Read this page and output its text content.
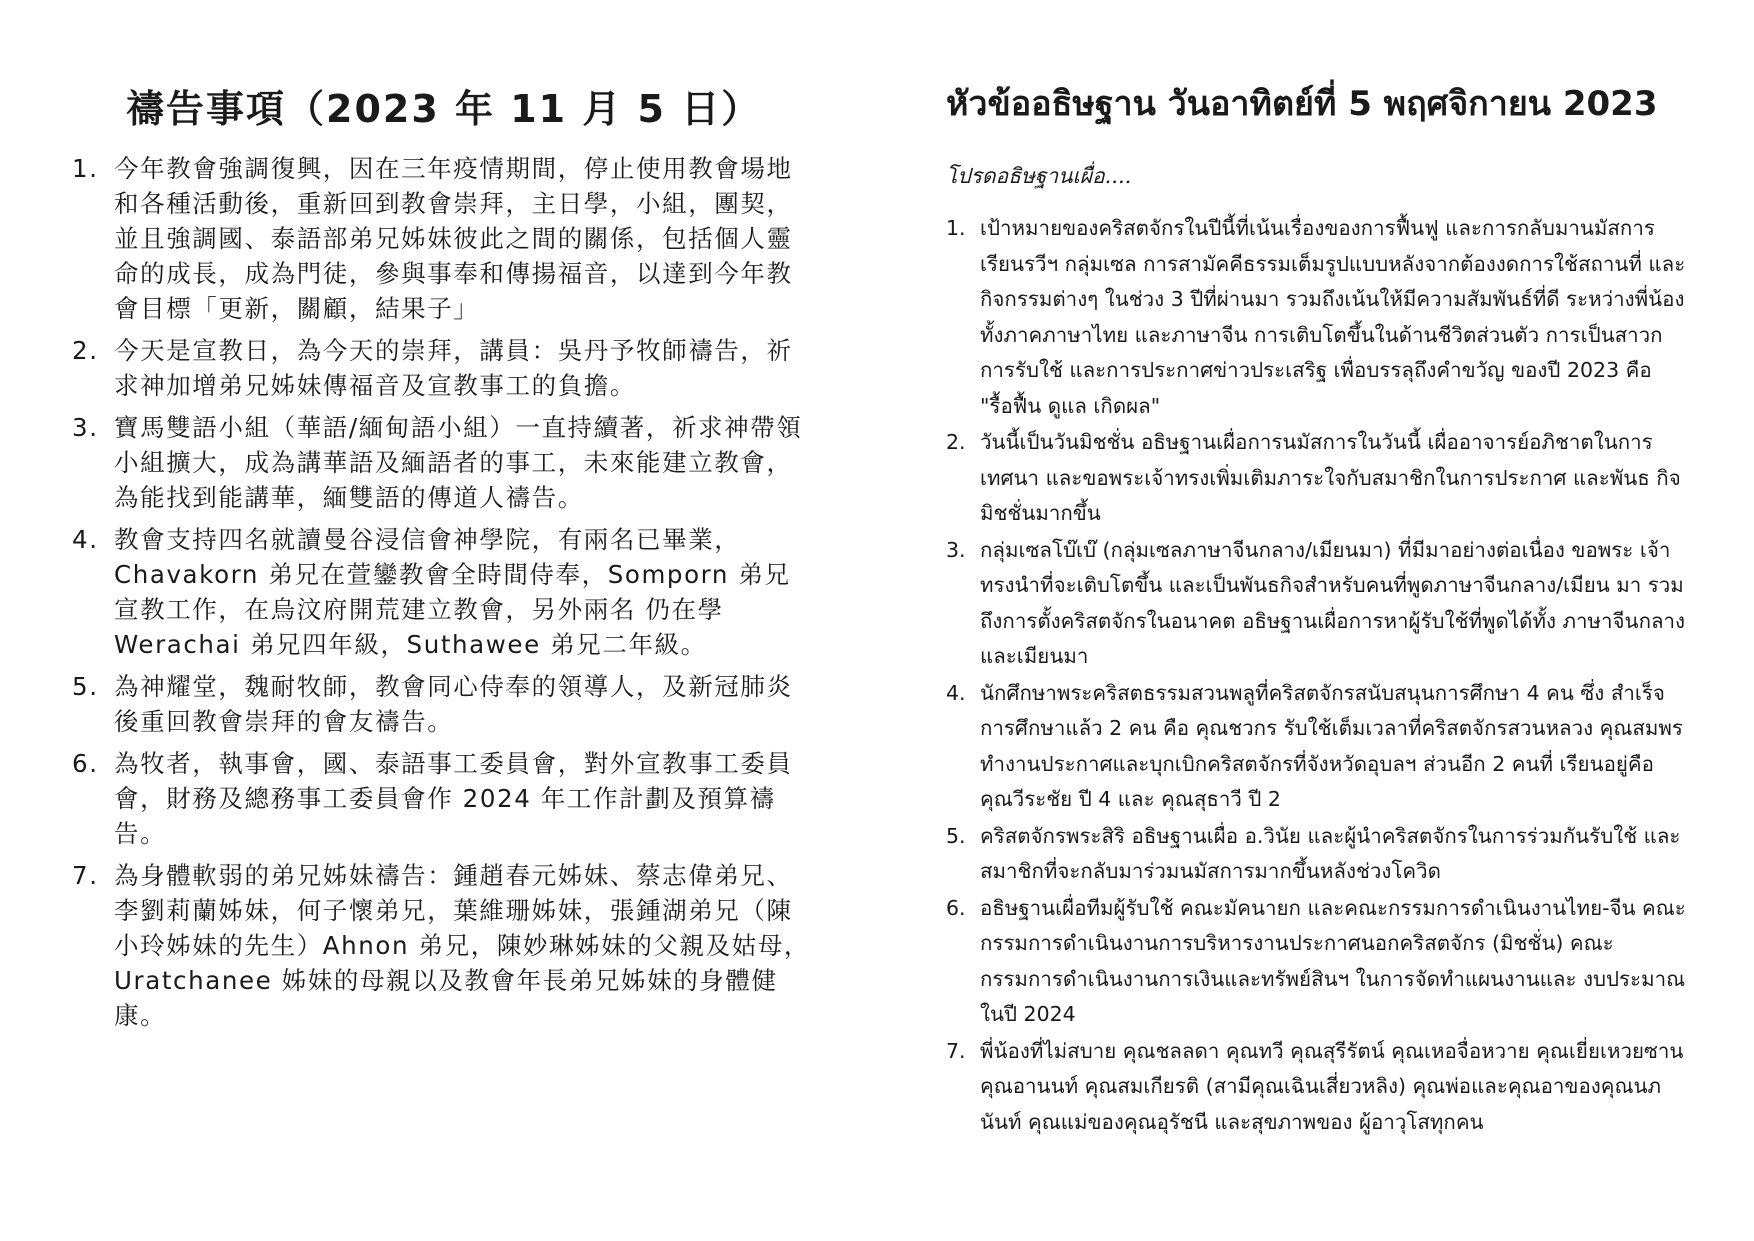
禱告事項（2023 年 11 月 5 日）
1. 今年教會強調復興，因在三年疫情期間，停止使用教會場地和各種活動後，重新回到教會崇拜，主日學，小組，團契，並且強調國、泰語部弟兄姊妹彼此之間的關係，包括個人靈命的成長，成為門徒，參與事奉和傳揚福音，以達到今年教會目標「更新，關顧，結果子」
2. 今天是宣教日，為今天的崇拜，講員：吳丹予牧師禱告，祈求神加增弟兄姊妹傳福音及宣教事工的負擔。
3. 寶馬雙語小組（華語/緬甸語小組）一直持續著，祈求神帶領小組擴大，成為講華語及緬語者的事工，未來能建立教會，為能找到能講華，緬雙語的傳道人禱告。
4. 教會支持四名就讀曼谷浸信會神學院，有兩名已畢業，Chavakorn 弟兄在萱鑾教會全時間侍奉，Somporn 弟兄宣教工作，在烏汶府開荒建立教會，另外兩名 仍在學 Werachai 弟兄四年級，Suthawee 弟兄二年級。
5. 為神耀堂，魏耐牧師，教會同心侍奉的領導人，及新冠肺炎後重回教會崇拜的會友禱告。
6. 為牧者，執事會，國、泰語事工委員會，對外宣教事工委員會，財務及總務事工委員會作 2024 年工作計劃及預算禱告。
7. 為身體軟弱的弟兄姊妹禱告：鍾趙春元姊妹、蔡志偉弟兄、李劉莉蘭姊妹，何子懷弟兄，葉維珊姊妹，張鍾湖弟兄（陳小玲姊妹的先生）Ahnon 弟兄，陳妙琳姊妹的父親及姑母，Uratchanee 姊妹的母親以及教會年長弟兄姊妹的身體健康。
หัวข้ออธิษฐาน วันอาทิตย์ที่ 5 พฤศจิกายน 2023

โปรดอธิษฐานเผื่อ....

1. เป้าหมายของคริสตจักรในปีนี้ที่เน้นเรื่องของการฟื้นฟู และการกลับมานมัสการ เรียนรวีฯ กลุ่มเซล การสามัคคีธรรมเต็มรูปแบบหลังจากต้องงดการใช้สถานที่ และกิจกรรมต่างๆ ในช่วง 3 ปีที่ผ่านมา รวมถึงเน้นให้มีความสัมพันธ์ที่ดี ระหว่างพี่น้องทั้งภาคภาษาไทย และภาษาจีน การเติบโตขึ้นในด้านชีวิตส่วนตัว การเป็นสาวก การรับใช้ และการประกาศข่าวประเสริฐ เพื่อบรรลุถึงคำขวัญ ของปี 2023 คือ "รื้อฟื้น ดูแล เกิดผล"
2. วันนี้เป็นวันมิชชั่น อธิษฐานเผื่อการนมัสการในวันนี้ เผื่ออาจารย์อภิชาตในการ เทศนา และขอพระเจ้าทรงเพิ่มเติมภาระใจกับสมาชิกในการประกาศ และพันธ กิจมิชชั่นมากขึ้น
3. กลุ่มเซลโบ๊เบ๊ (กลุ่มเซลภาษาจีนกลาง/เมียนมา) ที่มีมาอย่างต่อเนื่อง ขอพระ เจ้าทรงนำที่จะเติบโตขึ้น และเป็นพันธกิจสำหรับคนที่พูดภาษาจีนกลาง/เมียน มา รวมถึงการตั้งคริสตจักรในอนาคต อธิษฐานเผื่อการหาผู้รับใช้ที่พูดได้ทั้ง ภาษาจีนกลางและเมียนมา
4. นักศึกษาพระคริสตธรรมสวนพลูที่คริสตจักรสนับสนุนการศึกษา 4 คน ซึ่ง สำเร็จการศึกษาแล้ว 2 คน คือ คุณชวกร รับใช้เต็มเวลาที่คริสตจักรสวนหลวง คุณสมพร ทำงานประกาศและบุกเบิกคริสตจักรที่จังหวัดอุบลฯ ส่วนอีก 2 คนที่ เรียนอยู่คือ คุณวีระชัย ปี 4 และ คุณสุธาวี ปี 2
5. คริสตจักรพระสิริ อธิษฐานเผื่อ อ.วินัย และผู้นำคริสตจักรในการร่วมกันรับใช้ และสมาชิกที่จะกลับมาร่วมนมัสการมากขึ้นหลังช่วงโควิด
6. อธิษฐานเผื่อทีมผู้รับใช้ คณะมัคนายก และคณะกรรมการดำเนินงานไทย-จีน คณะกรรมการดำเนินงานการบริหารงานประกาศนอกคริสตจักร (มิชชั่น) คณะกรรมการดำเนินงานการเงินและทรัพย์สินฯ ในการจัดทำแผนงานและ งบประมาณในปี 2024
7. พี่น้องที่ไม่สบาย คุณชลลดา คุณทวี คุณสุรีรัตน์ คุณเหอจื่อหวาย คุณเยี่ยเหวยซาน คุณอานนท์ คุณสมเกียรติ (สามีคุณเฉินเสี่ยวหลิง) คุณพ่อและคุณอาของคุณนภนันท์ คุณแม่ของคุณอุรัชนี และสุขภาพของ ผู้อาวุโสทุกคน
